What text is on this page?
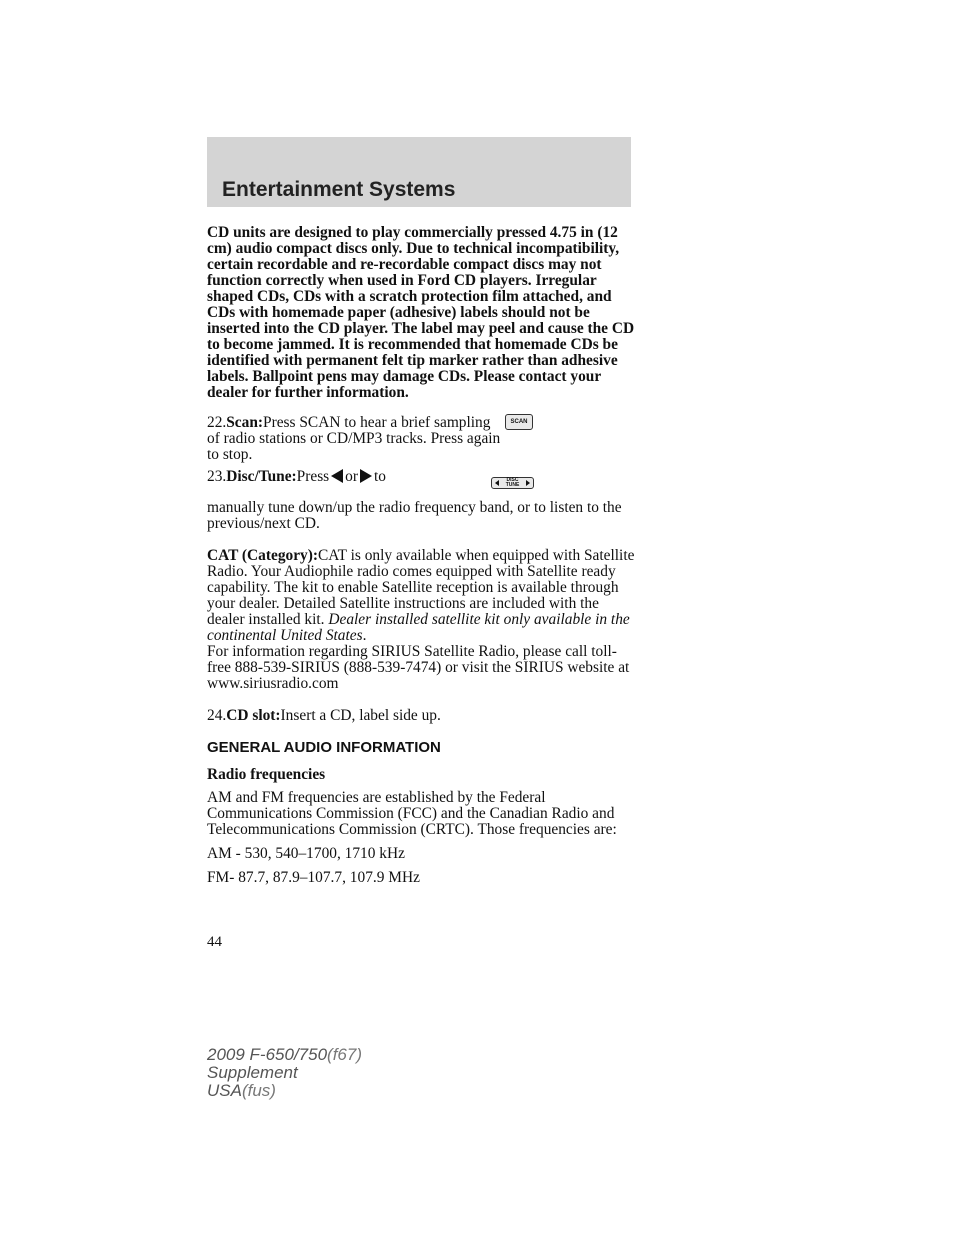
Entertainment Systems

CD units are designed to play commercially pressed 4.75 in (12 cm) audio compact discs only. Due to technical incompatibility, certain recordable and re-recordable compact discs may not function correctly when used in Ford CD players. Irregular shaped CDs, CDs with a scratch protection film attached, and CDs with homemade paper (adhesive) labels should not be inserted into the CD player. The label may peel and cause the CD to become jammed. It is recommended that homemade CDs be identified with permanent felt tip marker rather than adhesive labels. Ballpoint pens may damage CDs. Please contact your dealer for further information.

22.Scan:Press SCAN to hear a brief sampling of radio stations or CD/MP3 tracks. Press again to stop.

SCAN

23.Disc/Tune:Press or to	DISC
TUNE

manually tune down/up the radio frequency band, or to listen to the previous/next CD.

CAT (Category):CAT is only available when equipped with Satellite Radio. Your Audiophile radio comes equipped with Satellite ready capability. The kit to enable Satellite reception is available through your dealer. Detailed Satellite instructions are included with the dealer installed kit. Dealer installed satellite kit only available in the continental United States.

For information regarding SIRIUS Satellite Radio, please call toll-free 888-539-SIRIUS (888-539-7474) or visit the SIRIUS website at www.siriusradio.com

24.CD slot:Insert a CD, label side up.

GENERAL AUDIO INFORMATION

Radio frequencies

AM and FM frequencies are established by the Federal Communications Commission (FCC) and the Canadian Radio and Telecommunications Commission (CRTC). Those frequencies are:

AM - 530, 540–1700, 1710 kHz

FM- 87.7, 87.9–107.7, 107.9 MHz

44
2009 F-650/750(f67)
Supplement
USA(fus)
